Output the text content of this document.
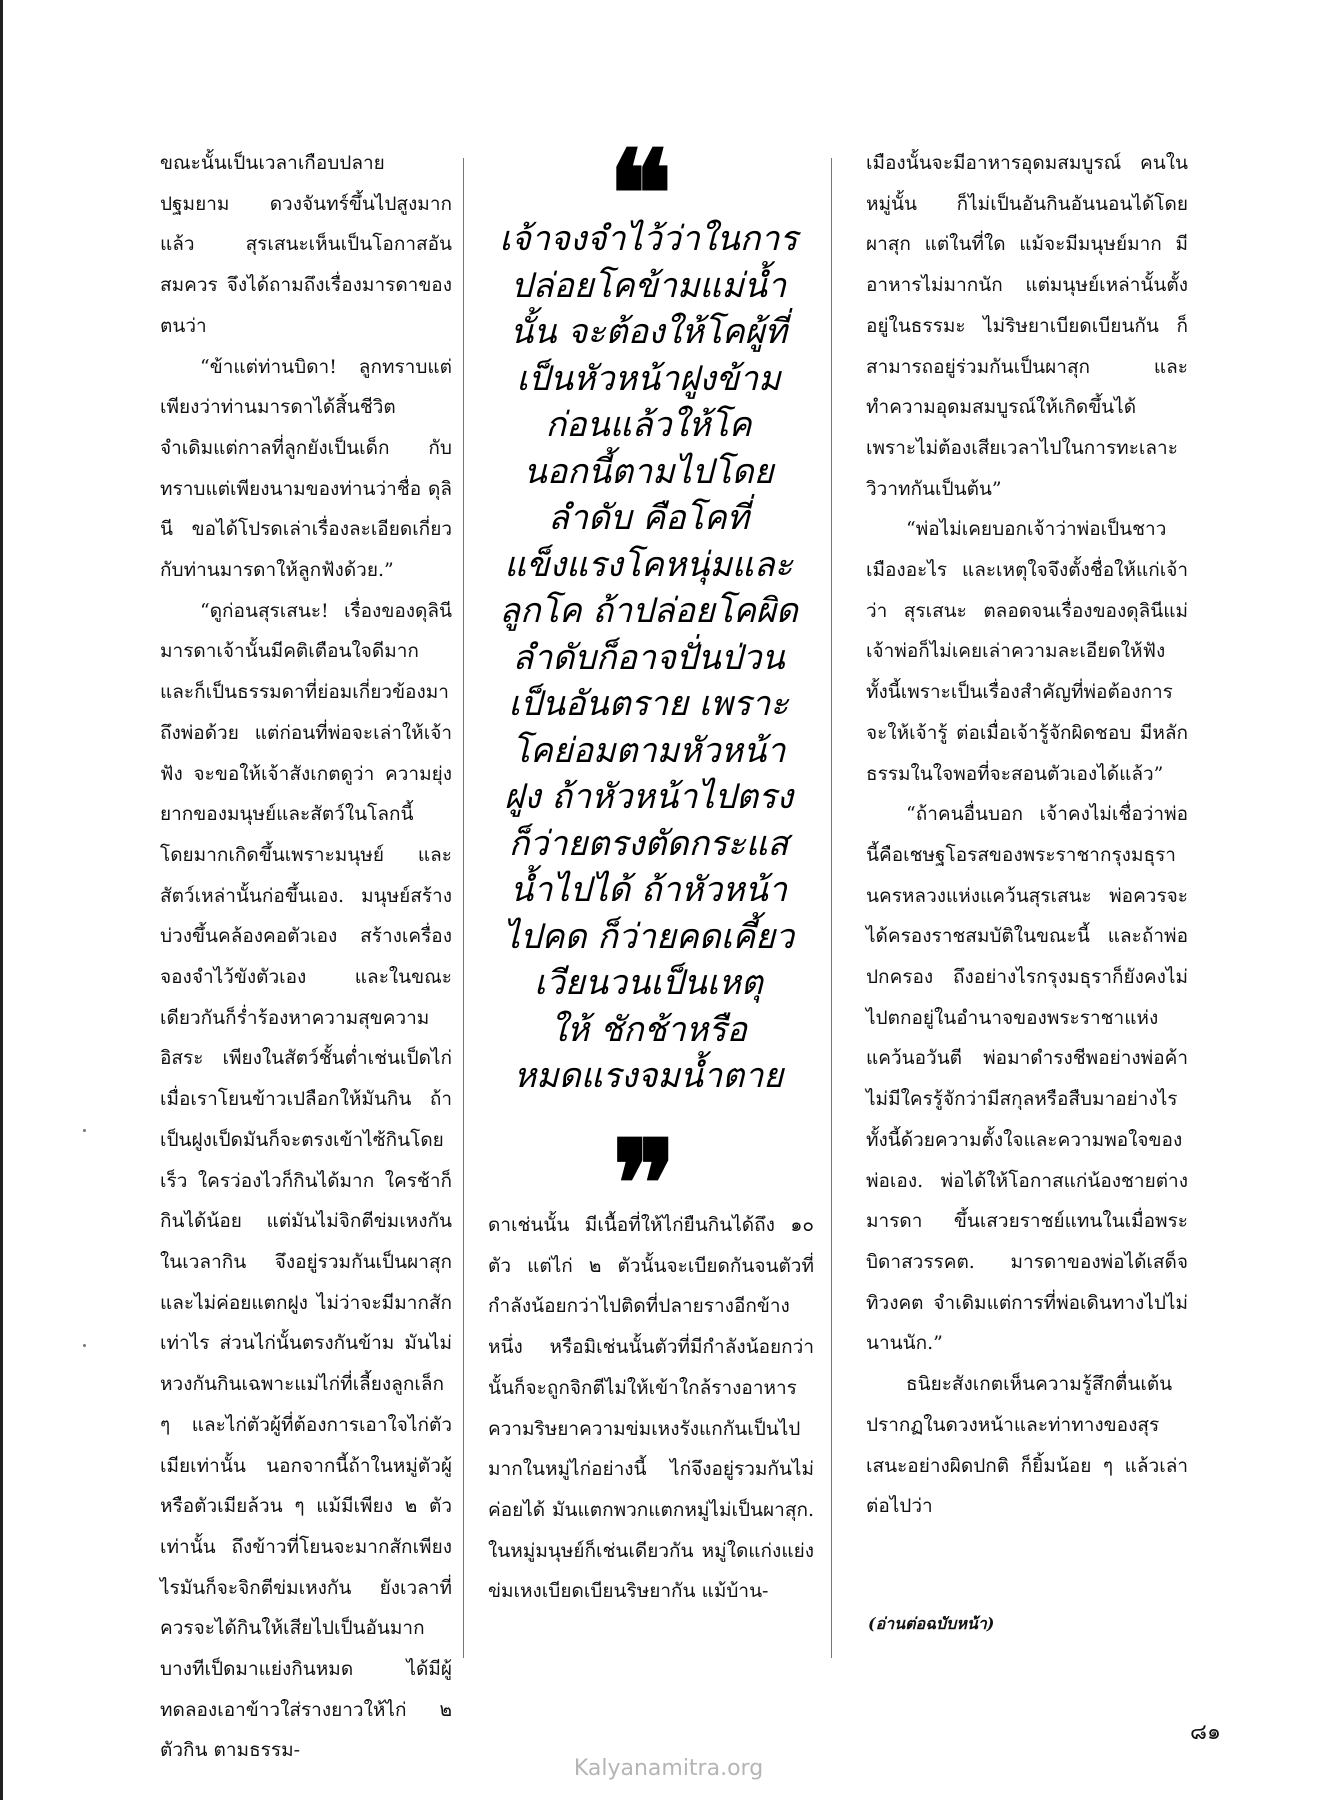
ขณะนั้นเป็นเวลาเกือบปลายปฐมยาม ดวงจันทร์ขึ้นไปสูงมากแล้ว สุรเสนะเห็นเป็นโอกาสอันสมควร จึงได้ถามถึงเรื่องมารดาของตนว่า

“ข้าแต่ท่านบิดา! ลูกทราบแต่เพียงว่าท่านมารดาได้สิ้นชีวิต จำเดิมแต่กาลที่ลูกยังเป็นเด็ก กับทราบแต่เพียงนามของท่านว่าชื่อ ดุลินี ขอได้โปรดเล่าเรื่องละเอียดเกี่ยวกับท่านมารดาให้ลูกฟังด้วย.”

“ดูก่อนสุรเสนะ! เรื่องของดุลินีมารดาเจ้านั้นมีคติเตือนใจดีมาก และก็เป็นธรรมดาที่ย่อมเกี่ยวข้องมาถึงพ่อด้วย แต่ก่อนที่พ่อจะเล่าให้เจ้าฟัง จะขอให้เจ้าสังเกตดูว่า ความยุ่งยากของมนุษย์และสัตว์ในโลกนี้ โดยมากเกิดขึ้นเพราะมนุษย์ และสัตว์เหล่านั้นก่อขึ้นเอง. มนุษย์สร้างบ่วงขึ้นคล้องคอตัวเอง สร้างเครื่องจองจำไว้ขังตัวเอง และในขณะเดียวกันก็ร่ำร้องหาความสุขความอิสระ เพียงในสัตว์ชั้นต่ำเช่นเป็ดไก่ เมื่อเราโยนข้าวเปลือกให้มันกิน ถ้าเป็นฝูงเป็ดมันก็จะตรงเข้าไซ้กินโดยเร็ว ใครว่องไวก็กินได้มาก ใครช้าก็กินได้น้อย แต่มันไม่จิกตีข่มเหงกันในเวลากิน จึงอยู่รวมกันเป็นผาสุก และไม่ค่อยแตกฝูง ไม่ว่าจะมีมากสักเท่าไร ส่วนไก่นั้นตรงกันข้าม มันไม่หวงกันกินเฉพาะแม่ไก่ที่เลี้ยงลูกเล็ก ๆ และไก่ตัวผู้ที่ต้องการเอาใจไก่ตัวเมียเท่านั้น นอกจากนี้ถ้าในหมู่ตัวผู้หรือตัวเมียล้วน ๆ แม้มีเพียง ๒ ตัวเท่านั้น ถึงข้าวที่โยนจะมากสักเพียงไรมันก็จะจิกตีข่มเหงกัน ยังเวลาที่ควรจะได้กินให้เสียไปเป็นอันมาก บางทีเป็ดมาแย่งกินหมด ได้มีผู้ทดลองเอาข้าวใส่รางยาวให้ไก่ ๒ ตัวกิน ตามธรรม-

❝
เจ้าจงจำไว้ว่าในการ
ปล่อยโคข้ามแม่น้ำ
นั้น จะต้องให้โคผู้ที่
เป็นหัวหน้าฝูงข้าม
ก่อนแล้วให้โค
นอกนี้ตามไปโดย
ลำดับ คือโคที่
แข็งแรงโคหนุ่มและ
ลูกโค ถ้าปล่อยโคผิด
ลำดับก็อาจปั่นป่วน
เป็นอันตราย เพราะ
โคย่อมตามหัวหน้า
ฝูง ถ้าหัวหน้าไปตรง
ก็ว่ายตรงตัดกระแส
น้ำไปได้ ถ้าหัวหน้า
ไปคด ก็ว่ายคดเคี้ยว
เวียนวนเป็นเหตุ
ให้ ชักช้าหรือ
หมดแรงจมน้ำตาย
❞

ดาเช่นนั้น มีเนื้อที่ให้ไก่ยืนกินได้ถึง ๑๐ ตัว แต่ไก่ ๒ ตัวนั้นจะเบียดกันจนตัวที่กำลังน้อยกว่าไปติดที่ปลายรางอีกข้างหนึ่ง หรือมิเช่นนั้นตัวที่มีกำลังน้อยกว่านั้นก็จะถูกจิกตีไม่ให้เข้าใกล้รางอาหาร ความริษยาความข่มเหงรังแกกันเป็นไปมากในหมู่ไก่อย่างนี้ ไก่จึงอยู่รวมกันไม่ค่อยได้ มันแตกพวกแตกหมู่ไม่เป็นผาสุก. ในหมู่มนุษย์ก็เช่นเดียวกัน หมู่ใดแก่งแย่งข่มเหงเบียดเบียนริษยากัน แม้บ้าน-

เมืองนั้นจะมีอาหารอุดมสมบูรณ์ คนในหมู่นั้น ก็ไม่เป็นอันกินอันนอนได้โดยผาสุก แต่ในที่ใด แม้จะมีมนุษย์มาก มีอาหารไม่มากนัก แต่มนุษย์เหล่านั้นตั้งอยู่ในธรรมะ ไม่ริษยาเบียดเบียนกัน ก็สามารถอยู่ร่วมกันเป็นผาสุก และทำความอุดมสมบูรณ์ให้เกิดขึ้นได้ เพราะไม่ต้องเสียเวลาไปในการทะเลาะวิวาทกันเป็นต้น”

“พ่อไม่เคยบอกเจ้าว่าพ่อเป็นชาวเมืองอะไร และเหตุใจจึงตั้งชื่อให้แก่เจ้าว่า สุรเสนะ ตลอดจนเรื่องของดุลินีแม่เจ้าพ่อก็ไม่เคยเล่าความละเอียดให้ฟัง ทั้งนี้เพราะเป็นเรื่องสำคัญที่พ่อต้องการจะให้เจ้ารู้ ต่อเมื่อเจ้ารู้จักผิดชอบ มีหลักธรรมในใจพอที่จะสอนตัวเองได้แล้ว”

“ถ้าคนอื่นบอก เจ้าคงไม่เชื่อว่าพ่อนี้คือเชษฐโอรสของพระราชากรุงมธุรา นครหลวงแห่งแคว้นสุรเสนะ พ่อควรจะได้ครองราชสมบัติในขณะนี้ และถ้าพ่อปกครอง ถึงอย่างไรกรุงมธุราก็ยังคงไม่ไปตกอยู่ในอำนาจของพระราชาแห่งแคว้นอวันตี พ่อมาดำรงชีพอย่างพ่อค้า ไม่มีใครรู้จักว่ามีสกุลหรือสืบมาอย่างไร ทั้งนี้ด้วยความตั้งใจและความพอใจของพ่อเอง. พ่อได้ให้โอกาสแก่น้องชายต่างมารดา ขึ้นเสวยราชย์แทนในเมื่อพระบิดาสวรรคต. มารดาของพ่อได้เสด็จทิวงคต จำเดิมแต่การที่พ่อเดินทางไปไม่นานนัก.”

ธนิยะสังเกตเห็นความรู้สึกตื่นเต้น ปรากฏในดวงหน้าและท่าทางของสุรเสนะอย่างผิดปกติ ก็ยิ้มน้อย ๆ แล้วเล่าต่อไปว่า

(อ่านต่อฉบับหน้า)
๘๑
Kalyanamitra.org
